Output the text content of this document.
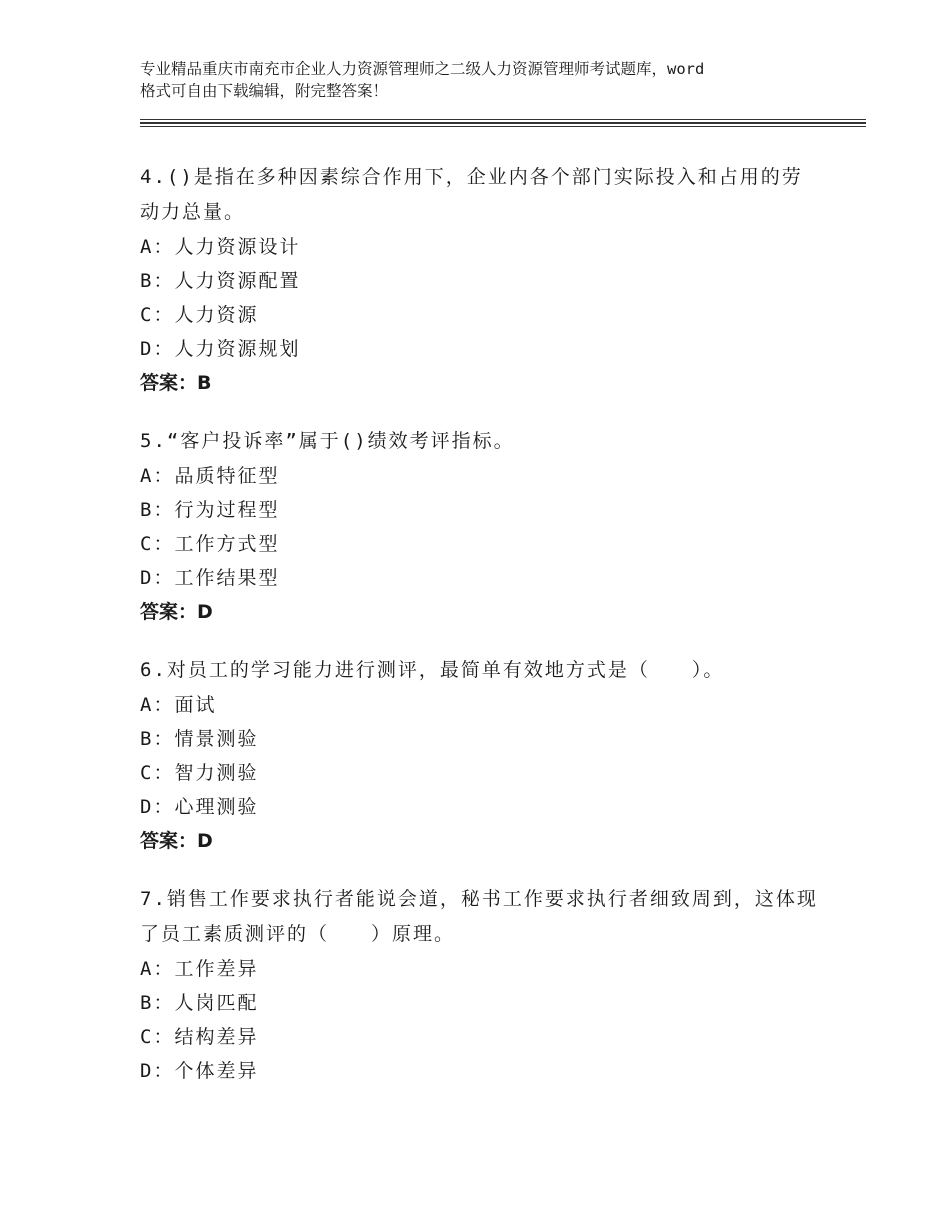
专业精品重庆市南充市企业人力资源管理师之二级人力资源管理师考试题库，word
格式可自由下载编辑，附完整答案！
4.()是指在多种因素综合作用下，企业内各个部门实际投入和占用的劳动力总量。
A：人力资源设计
B：人力资源配置
C：人力资源
D：人力资源规划
答案：B
5.“客户投诉率”属于()绩效考评指标。
A：品质特征型
B：行为过程型
C：工作方式型
D：工作结果型
答案：D
6.对员工的学习能力进行测评，最简单有效地方式是（　　）。
A：面试
B：情景测验
C：智力测验
D：心理测验
答案：D
7.销售工作要求执行者能说会道，秘书工作要求执行者细致周到，这体现了员工素质测评的（　　）原理。
A：工作差异
B：人岗匹配
C：结构差异
D：个体差异
